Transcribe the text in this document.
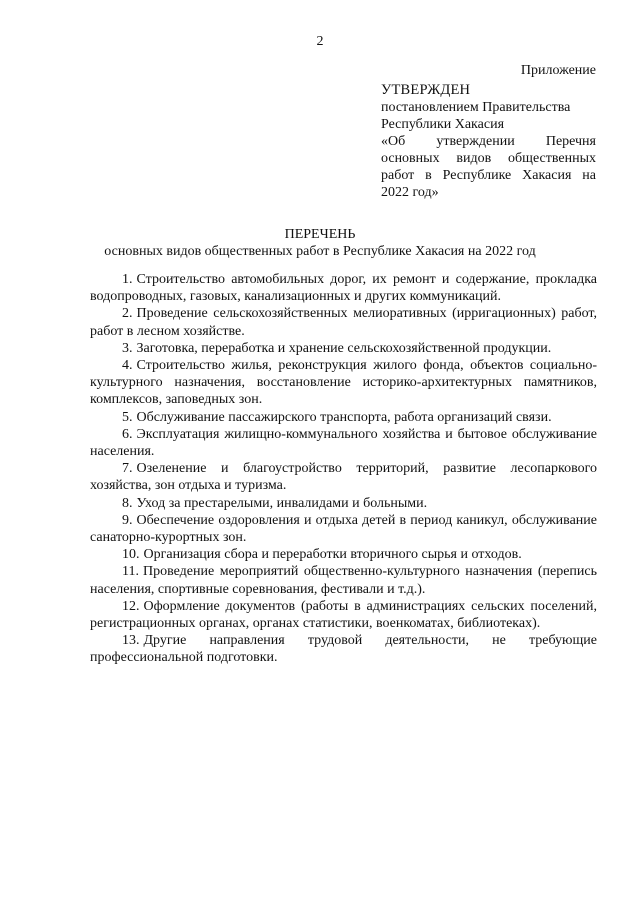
2
Приложение
УТВЕРЖДЕН
постановлением Правительства
Республики Хакасия
«Об утверждении Перечня
основных видов общественных
работ в Республике Хакасия на
2022 год»
ПЕРЕЧЕНЬ
основных видов общественных работ в Республике Хакасия на 2022 год
1. Строительство автомобильных дорог, их ремонт и содержание, прокладка водопроводных, газовых, канализационных и других коммуникаций.
2. Проведение сельскохозяйственных мелиоративных (ирригационных) работ, работ в лесном хозяйстве.
3. Заготовка, переработка и хранение сельскохозяйственной продукции.
4. Строительство жилья, реконструкция жилого фонда, объектов социально-культурного назначения, восстановление историко-архитектурных памятников, комплексов, заповедных зон.
5. Обслуживание пассажирского транспорта, работа организаций связи.
6. Эксплуатация жилищно-коммунального хозяйства и бытовое обслуживание населения.
7. Озеленение и благоустройство территорий, развитие лесопаркового хозяйства, зон отдыха и туризма.
8. Уход за престарелыми, инвалидами и больными.
9. Обеспечение оздоровления и отдыха детей в период каникул, обслуживание санаторно-курортных зон.
10. Организация сбора и переработки вторичного сырья и отходов.
11. Проведение мероприятий общественно-культурного назначения (перепись населения, спортивные соревнования, фестивали и т.д.).
12. Оформление документов (работы в администрациях сельских поселений, регистрационных органах, органах статистики, военкоматах, библиотеках).
13. Другие направления трудовой деятельности, не требующие профессиональной подготовки.
